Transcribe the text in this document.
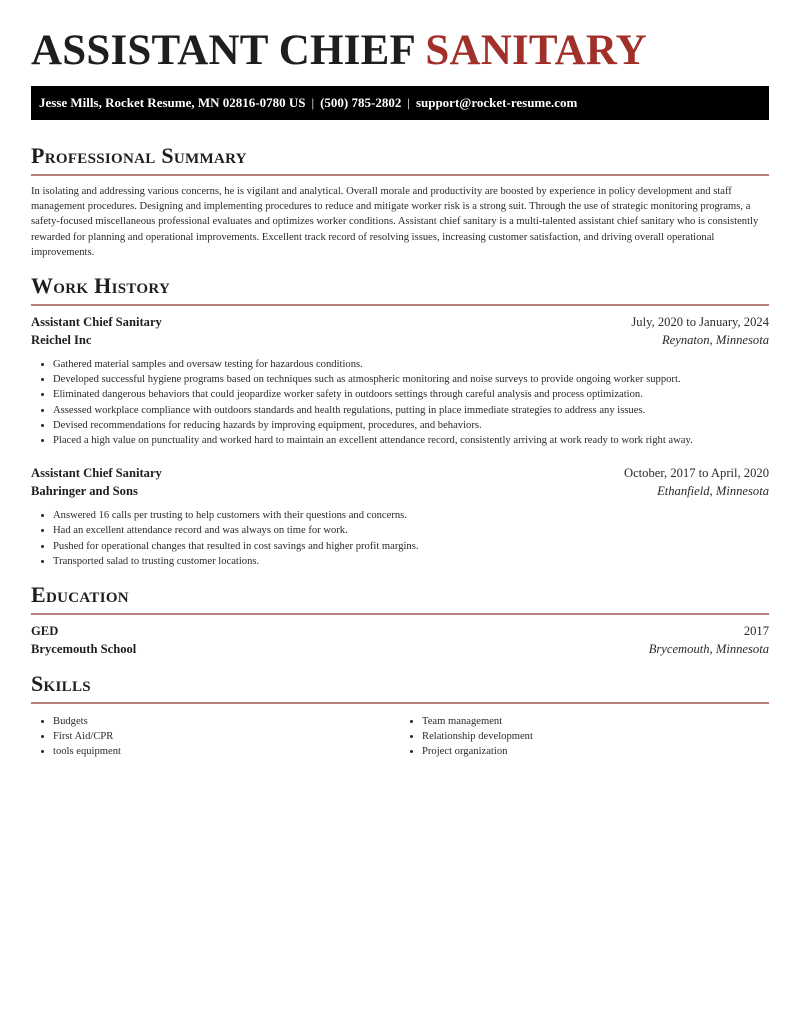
ASSISTANT CHIEF SANITARY
Jesse Mills, Rocket Resume, MN 02816-0780 US | (500) 785-2802 | support@rocket-resume.com
Professional Summary

In isolating and addressing various concerns, he is vigilant and analytical. Overall morale and productivity are boosted by experience in policy development and staff management procedures. Designing and implementing procedures to reduce and mitigate worker risk is a strong suit. Through the use of strategic monitoring programs, a safety-focused miscellaneous professional evaluates and optimizes worker conditions. Assistant chief sanitary is a multi-talented assistant chief sanitary who is consistently rewarded for planning and operational improvements. Excellent track record of resolving issues, increasing customer satisfaction, and driving overall operational improvements.

Work History
Assistant Chief Sanitary	July, 2020 to January, 2024
Reichel Inc	Reynaton, Minnesota
• Gathered material samples and oversaw testing for hazardous conditions.
• Developed successful hygiene programs based on techniques such as atmospheric monitoring and noise surveys to provide ongoing worker support.
• Eliminated dangerous behaviors that could jeopardize worker safety in outdoors settings through careful analysis and process optimization.
• Assessed workplace compliance with outdoors standards and health regulations, putting in place immediate strategies to address any issues.
• Devised recommendations for reducing hazards by improving equipment, procedures, and behaviors.
• Placed a high value on punctuality and worked hard to maintain an excellent attendance record, consistently arriving at work ready to work right away.
Assistant Chief Sanitary	October, 2017 to April, 2020
Bahringer and Sons	Ethanfield, Minnesota
• Answered 16 calls per trusting to help customers with their questions and concerns.
• Had an excellent attendance record and was always on time for work.
• Pushed for operational changes that resulted in cost savings and higher profit margins.
• Transported salad to trusting customer locations.
Education
GED	2017
Brycemouth School	Brycemouth, Minnesota
Skills
• Budgets
• First Aid/CPR
• tools equipment
• Team management
• Relationship development
• Project organization
